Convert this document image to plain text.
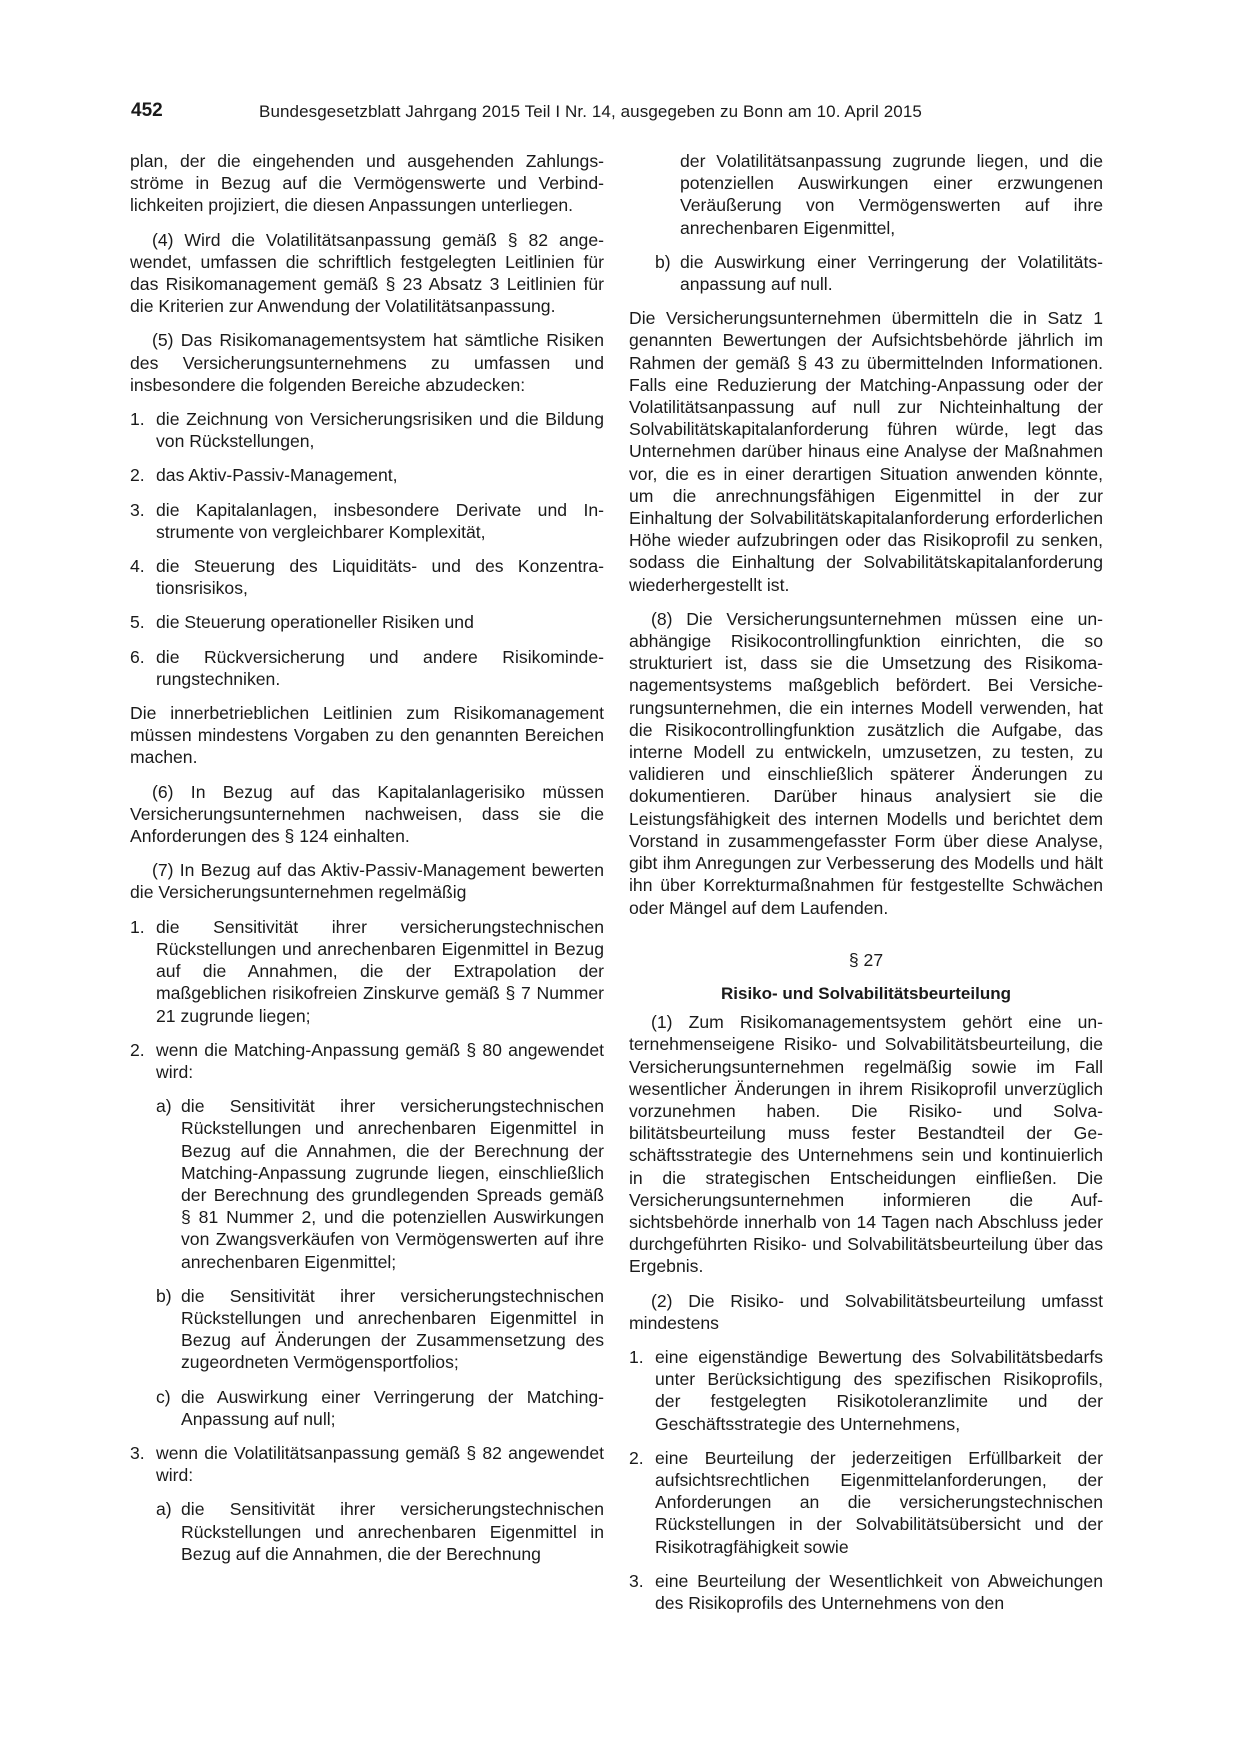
452	Bundesgesetzblatt Jahrgang 2015 Teil I Nr. 14, ausgegeben zu Bonn am 10. April 2015

plan, der die eingehenden und ausgehenden Zahlungsströme in Bezug auf die Vermögenswerte und Verbindlichkeiten projiziert, die diesen Anpassungen unterliegen.

(4) Wird die Volatilitätsanpassung gemäß § 82 angewendet, umfassen die schriftlich festgelegten Leitlinien für das Risikomanagement gemäß § 23 Absatz 3 Leitlinien für die Kriterien zur Anwendung der Volatilitätsanpassung.

(5) Das Risikomanagementsystem hat sämtliche Risiken des Versicherungsunternehmens zu umfassen und insbesondere die folgenden Bereiche abzudecken:

1. die Zeichnung von Versicherungsrisiken und die Bildung von Rückstellungen,
2. das Aktiv-Passiv-Management,
3. die Kapitalanlagen, insbesondere Derivate und Instrumente von vergleichbarer Komplexität,
4. die Steuerung des Liquiditäts- und des Konzentrationsrisikos,
5. die Steuerung operationeller Risiken und
6. die Rückversicherung und andere Risikominderungstechniken.

Die innerbetrieblichen Leitlinien zum Risikomanagement müssen mindestens Vorgaben zu den genannten Bereichen machen.

(6) In Bezug auf das Kapitalanlagerisiko müssen Versicherungsunternehmen nachweisen, dass sie die Anforderungen des § 124 einhalten.

(7) In Bezug auf das Aktiv-Passiv-Management bewerten die Versicherungsunternehmen regelmäßig

1. die Sensitivität ihrer versicherungstechnischen Rückstellungen und anrechenbaren Eigenmittel in Bezug auf die Annahmen, die der Extrapolation der maßgeblichen risikofreien Zinskurve gemäß § 7 Nummer 21 zugrunde liegen;
2. wenn die Matching-Anpassung gemäß § 80 angewendet wird:
a) die Sensitivität ihrer versicherungstechnischen Rückstellungen und anrechenbaren Eigenmittel in Bezug auf die Annahmen, die der Berechnung der Matching-Anpassung zugrunde liegen, einschließlich der Berechnung des grundlegenden Spreads gemäß § 81 Nummer 2, und die potenziellen Auswirkungen von Zwangsverkäufen von Vermögenswerten auf ihre anrechenbaren Eigenmittel;
b) die Sensitivität ihrer versicherungstechnischen Rückstellungen und anrechenbaren Eigenmittel in Bezug auf Änderungen der Zusammensetzung des zugeordneten Vermögensportfolios;
c) die Auswirkung einer Verringerung der Matching-Anpassung auf null;
3. wenn die Volatilitätsanpassung gemäß § 82 angewendet wird:
a) die Sensitivität ihrer versicherungstechnischen Rückstellungen und anrechenbaren Eigenmittel in Bezug auf die Annahmen, die der Berechnung
der Volatilitätsanpassung zugrunde liegen, und die potenziellen Auswirkungen einer erzwungenen Veräußerung von Vermögenswerten auf ihre anrechenbaren Eigenmittel,
b) die Auswirkung einer Verringerung der Volatilitätsanpassung auf null.

Die Versicherungsunternehmen übermitteln die in Satz 1 genannten Bewertungen der Aufsichtsbehörde jährlich im Rahmen der gemäß § 43 zu übermittelnden Informationen. Falls eine Reduzierung der Matching-Anpassung oder der Volatilitätsanpassung auf null zur Nichteinhaltung der Solvabilitätskapitalanforderung führen würde, legt das Unternehmen darüber hinaus eine Analyse der Maßnahmen vor, die es in einer derartigen Situation anwenden könnte, um die anrechnungsfähigen Eigenmittel in der zur Einhaltung der Solvabilitätskapitalanforderung erforderlichen Höhe wieder aufzubringen oder das Risikoprofil zu senken, sodass die Einhaltung der Solvabilitätskapitalanforderung wiederhergestellt ist.

(8) Die Versicherungsunternehmen müssen eine unabhängige Risikocontrollingfunktion einrichten, die so strukturiert ist, dass sie die Umsetzung des Risikomanagementsystems maßgeblich befördert. Bei Versicherungsunternehmen, die ein internes Modell verwenden, hat die Risikocontrollingfunktion zusätzlich die Aufgabe, das interne Modell zu entwickeln, umzusetzen, zu testen, zu validieren und einschließlich späterer Änderungen zu dokumentieren. Darüber hinaus analysiert sie die Leistungsfähigkeit des internen Modells und berichtet dem Vorstand in zusammengefasster Form über diese Analyse, gibt ihm Anregungen zur Verbesserung des Modells und hält ihn über Korrekturmaßnahmen für festgestellte Schwächen oder Mängel auf dem Laufenden.

§ 27
Risiko- und Solvabilitätsbeurteilung

(1) Zum Risikomanagementsystem gehört eine unternehmenseigene Risiko- und Solvabilitätsbeurteilung, die Versicherungsunternehmen regelmäßig sowie im Fall wesentlicher Änderungen in ihrem Risikoprofil unverzüglich vorzunehmen haben. Die Risiko- und Solvabilitätsbeurteilung muss fester Bestandteil der Geschäftsstrategie des Unternehmens sein und kontinuierlich in die strategischen Entscheidungen einfließen. Die Versicherungsunternehmen informieren die Aufsichtsbehörde innerhalb von 14 Tagen nach Abschluss jeder durchgeführten Risiko- und Solvabilitätsbeurteilung über das Ergebnis.

(2) Die Risiko- und Solvabilitätsbeurteilung umfasst mindestens

1. eine eigenständige Bewertung des Solvabilitätsbedarfs unter Berücksichtigung des spezifischen Risikoprofils, der festgelegten Risikotoleranzlimite und der Geschäftsstrategie des Unternehmens,
2. eine Beurteilung der jederzeitigen Erfüllbarkeit der aufsichtsrechtlichen Eigenmittelanforderungen, der Anforderungen an die versicherungstechnischen Rückstellungen in der Solvabilitätsübersicht und der Risikotragfähigkeit sowie
3. eine Beurteilung der Wesentlichkeit von Abweichungen des Risikoprofils des Unternehmens von den
